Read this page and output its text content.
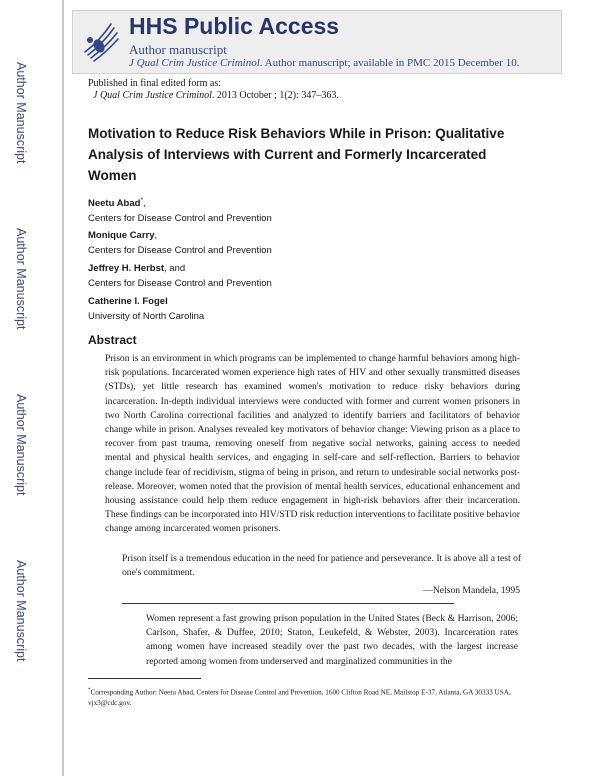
Author Manuscript
Author Manuscript
Author Manuscript
Author Manuscript
HHS Public Access
Author manuscript
J Qual Crim Justice Criminol. Author manuscript; available in PMC 2015 December 10.
Published in final edited form as:
J Qual Crim Justice Criminol. 2013 October ; 1(2): 347–363.
Motivation to Reduce Risk Behaviors While in Prison: Qualitative Analysis of Interviews with Current and Formerly Incarcerated Women
Neetu Abad*,
Centers for Disease Control and Prevention
Monique Carry,
Centers for Disease Control and Prevention
Jeffrey H. Herbst, and
Centers for Disease Control and Prevention
Catherine I. Fogel
University of North Carolina
Abstract
Prison is an environment in which programs can be implemented to change harmful behaviors among high-risk populations. Incarcerated women experience high rates of HIV and other sexually transmitted diseases (STDs), yet little research has examined women's motivation to reduce risky behaviors during incarceration. In-depth individual interviews were conducted with former and current women prisoners in two North Carolina correctional facilities and analyzed to identify barriers and facilitators of behavior change while in prison. Analyses revealed key motivators of behavior change: Viewing prison as a place to recover from past trauma, removing oneself from negative social networks, gaining access to needed mental and physical health services, and engaging in self-care and self-reflection. Barriers to behavior change include fear of recidivism, stigma of being in prison, and return to undesirable social networks post-release. Moreover, women noted that the provision of mental health services, educational enhancement and housing assistance could help them reduce engagement in high-risk behaviors after their incarceration. These findings can be incorporated into HIV/STD risk reduction interventions to facilitate positive behavior change among incarcerated women prisoners.
Prison itself is a tremendous education in the need for patience and perseverance. It is above all a test of one's commitment.
—Nelson Mandela, 1995
Women represent a fast growing prison population in the United States (Beck & Harrison, 2006; Carlson, Shafer, & Duffee, 2010; Staton, Leukefeld, & Webster, 2003). Incarceration rates among women have increased steadily over the past two decades, with the largest increase reported among women from underserved and marginalized communities in the
*Corresponding Author: Neetu Abad, Centers for Disease Control and Prevention, 1600 Clifton Road NE, Mailstop E-37, Atlanta, GA 30333 USA, vjx3@cdc.gov.
